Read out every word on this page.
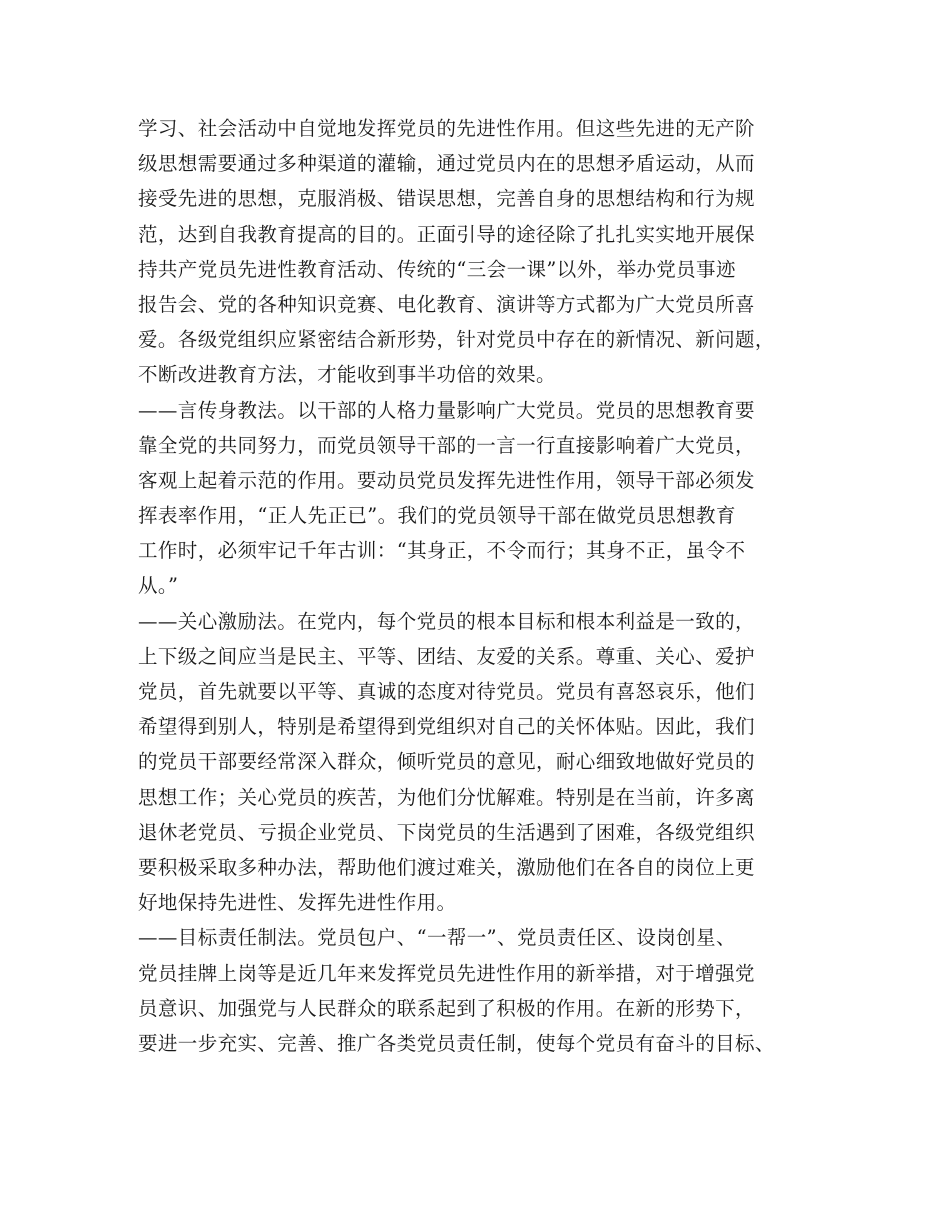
学习、社会活动中自觉地发挥党员的先进性作用。但这些先进的无产阶
级思想需要通过多种渠道的灌输，通过党员内在的思想矛盾运动，从而
接受先进的思想，克服消极、错误思想，完善自身的思想结构和行为规
范，达到自我教育提高的目的。正面引导的途径除了扎扎实实地开展保
持共产党员先进性教育活动、传统的“三会一课”以外，举办党员事迹
报告会、党的各种知识竞赛、电化教育、演讲等方式都为广大党员所喜
爱。各级党组织应紧密结合新形势，针对党员中存在的新情况、新问题，
不断改进教育方法，才能收到事半功倍的效果。
——言传身教法。以干部的人格力量影响广大党员。党员的思想教育要
靠全党的共同努力，而党员领导干部的一言一行直接影响着广大党员，
客观上起着示范的作用。要动员党员发挥先进性作用，领导干部必须发
挥表率作用，“正人先正已”。我们的党员领导干部在做党员思想教育
工作时，必须牢记千年古训：“其身正，不令而行；其身不正，虽令不
从。”
——关心激励法。在党内，每个党员的根本目标和根本利益是一致的，
上下级之间应当是民主、平等、团结、友爱的关系。尊重、关心、爱护
党员，首先就要以平等、真诚的态度对待党员。党员有喜怒哀乐，他们
希望得到别人，特别是希望得到党组织对自己的关怀体贴。因此，我们
的党员干部要经常深入群众，倾听党员的意见，耐心细致地做好党员的
思想工作；关心党员的疾苦，为他们分忧解难。特别是在当前，许多离
退休老党员、亏损企业党员、下岗党员的生活遇到了困难，各级党组织
要积极采取多种办法，帮助他们渡过难关，激励他们在各自的岗位上更
好地保持先进性、发挥先进性作用。
——目标责任制法。党员包户、“一帮一”、党员责任区、设岗创星、
党员挂牌上岗等是近几年来发挥党员先进性作用的新举措，对于增强党
员意识、加强党与人民群众的联系起到了积极的作用。在新的形势下，
要进一步充实、完善、推广各类党员责任制，使每个党员有奋斗的目标、
